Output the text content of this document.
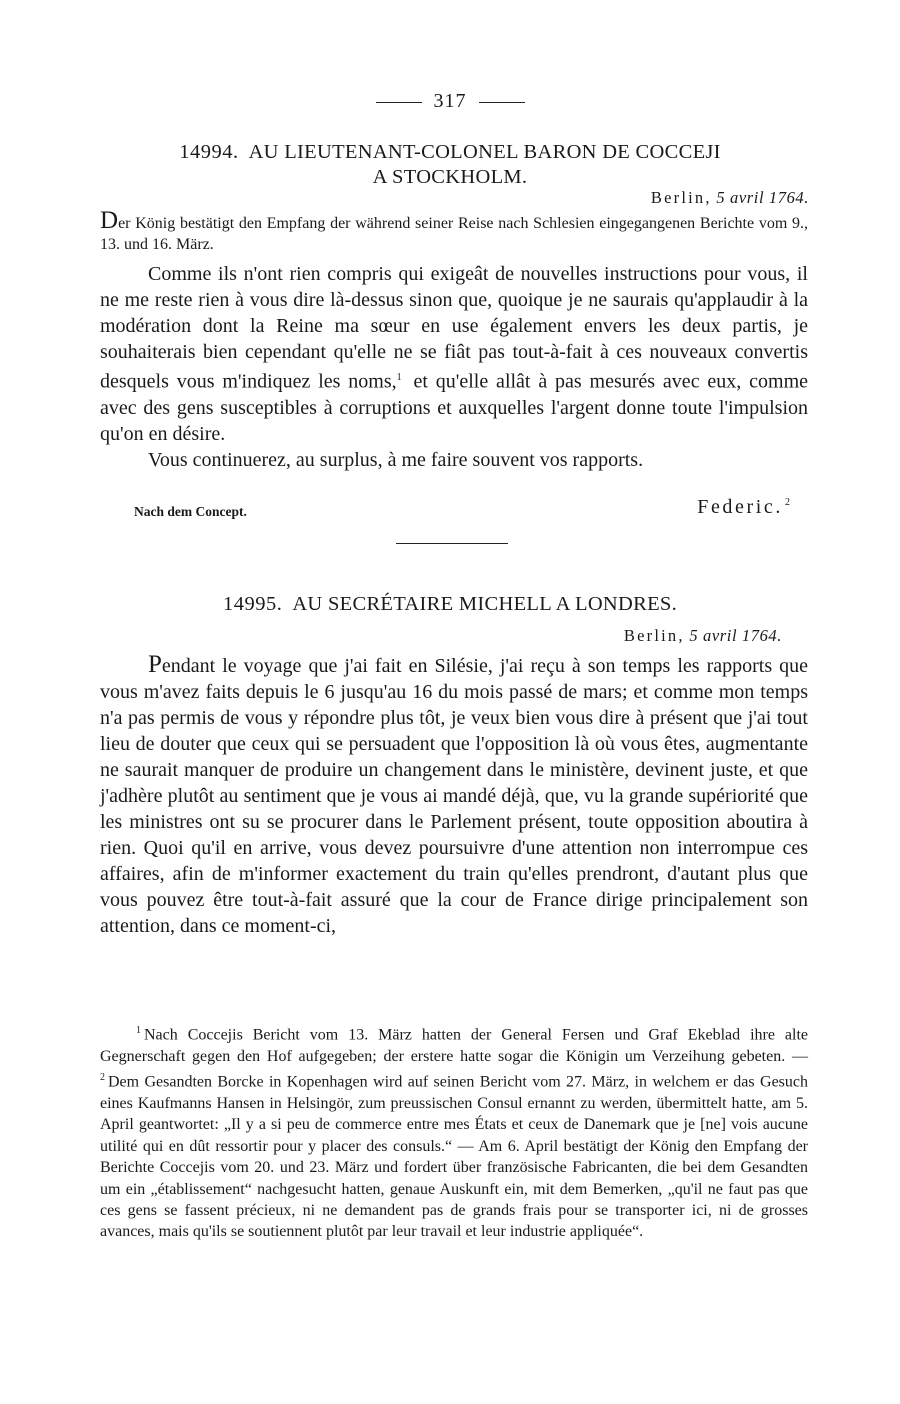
317
14994. AU LIEUTENANT-COLONEL BARON DE COCCEJI
A STOCKHOLM.
Berlin, 5 avril 1764.
Der König bestätigt den Empfang der während seiner Reise nach Schlesien eingegangenen Berichte vom 9., 13. und 16. März.

Comme ils n'ont rien compris qui exigeât de nouvelles instructions pour vous, il ne me reste rien à vous dire là-dessus sinon que, quoique je ne saurais qu'applaudir à la modération dont la Reine ma sœur en use également envers les deux partis, je souhaiterais bien cependant qu'elle ne se fiât pas tout-à-fait à ces nouveaux convertis desquels vous m'indiquez les noms,$^1$ et qu'elle allât à pas mesurés avec eux, comme avec des gens susceptibles à corruptions et auxquelles l'argent donne toute l'impulsion qu'on en désire.

Vous continuerez, au surplus, à me faire souvent vos rapports.

Nach dem Concept.	Federic. $^2$
14995. AU SECRÉTAIRE MICHELL A LONDRES.
Berlin, 5 avril 1764.

Pendant le voyage que j'ai fait en Silésie, j'ai reçu à son temps les rapports que vous m'avez faits depuis le 6 jusqu'au 16 du mois passé de mars; et comme mon temps n'a pas permis de vous y répondre plus tôt, je veux bien vous dire à présent que j'ai tout lieu de douter que ceux qui se persuadent que l'opposition là où vous êtes, augmentante ne saurait manquer de produire un changement dans le ministère, devinent juste, et que j'adhère plutôt au sentiment que je vous ai mandé déjà, que, vu la grande supériorité que les ministres ont su se procurer dans le Parlement présent, toute opposition aboutira à rien. Quoi qu'il en arrive, vous devez poursuivre d'une attention non interrompue ces affaires, afin de m'informer exactement du train qu'elles prendront, d'autant plus que vous pouvez être tout-à-fait assuré que la cour de France dirige principalement son attention, dans ce moment-ci,

$^1$ Nach Coccejis Bericht vom 13. März hatten der General Fersen und Graf Ekeblad ihre alte Gegnerschaft gegen den Hof aufgegeben; der erstere hatte sogar die Königin um Verzeihung gebeten. — $^2$ Dem Gesandten Borcke in Kopenhagen wird auf seinen Bericht vom 27. März, in welchem er das Gesuch eines Kaufmanns Hansen in Helsingör, zum preussischen Consul ernannt zu werden, übermittelt hatte, am 5. April geantwortet: „Il y a si peu de commerce entre mes États et ceux de Danemark que je [ne] vois aucune utilité qui en dût ressortir pour y placer des consuls.“ — Am 6. April bestätigt der König den Empfang der Berichte Coccejis vom 20. und 23. März und fordert über französische Fabricanten, die bei dem Gesandten um ein „établissement“ nachgesucht hatten, genaue Auskunft ein, mit dem Bemerken, „qu'il ne faut pas que ces gens se fassent précieux, ni ne demandent pas de grands frais pour se transporter ici, ni de grosses avances, mais qu'ils se soutiennent plutôt par leur travail et leur industrie appliquée“.
